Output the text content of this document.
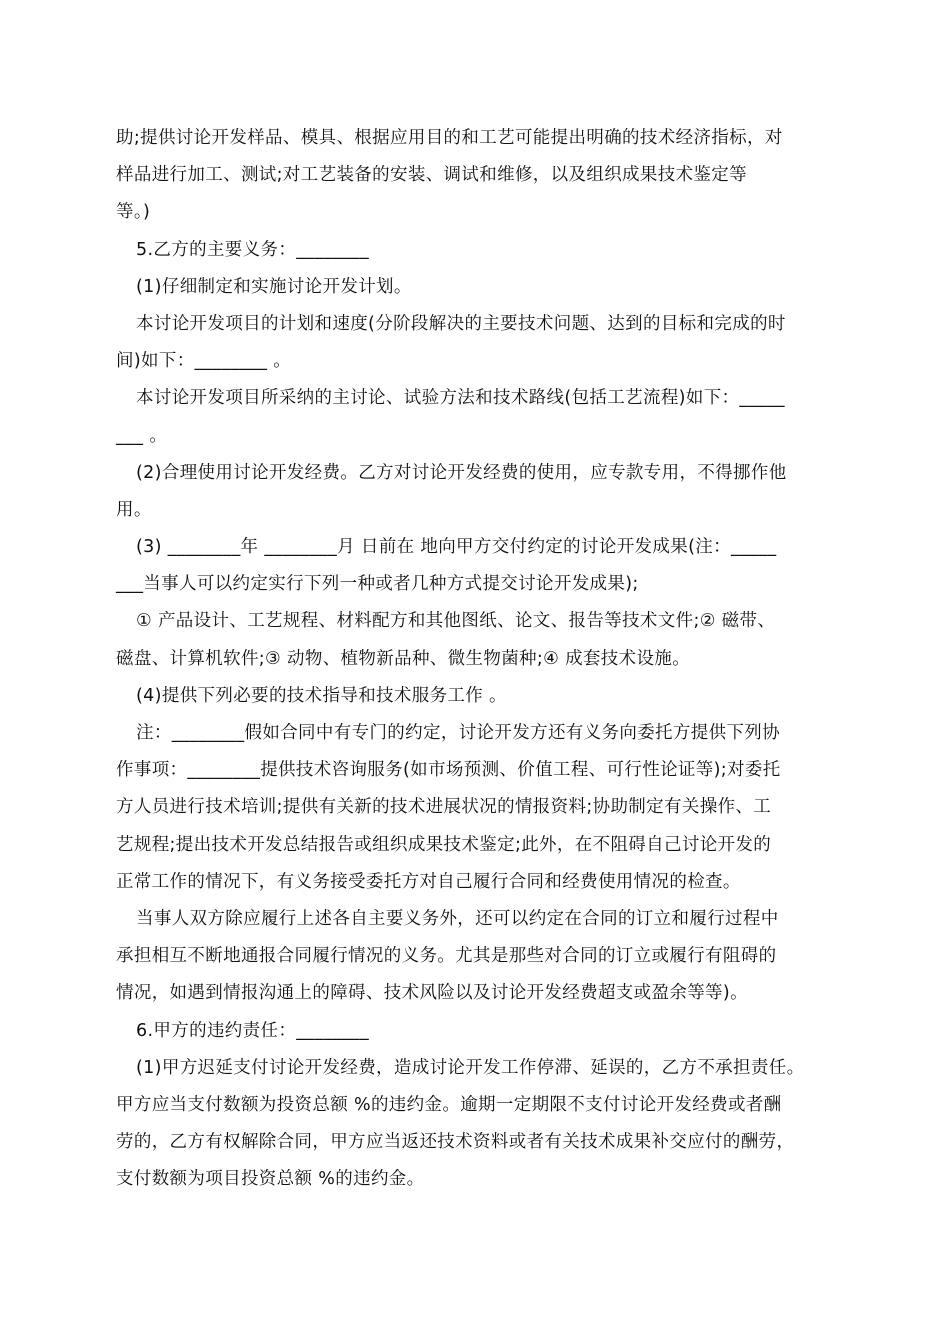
助;提供讨论开发样品、模具、根据应用目的和工艺可能提出明确的技术经济指标，对
样品进行加工、测试;对工艺装备的安装、调试和维修，以及组织成果技术鉴定等
等。)
5.乙方的主要义务：________
(1)仔细制定和实施讨论开发计划。
本讨论开发项目的计划和速度(分阶段解决的主要技术问题、达到的目标和完成的时
间)如下：________ 。
本讨论开发项目所采纳的主讨论、试验方法和技术路线(包括工艺流程)如下：_____
___ 。
(2)合理使用讨论开发经费。乙方对讨论开发经费的使用，应专款专用，不得挪作他
用。
(3) ________年 ________月 日前在 地向甲方交付约定的讨论开发成果(注：_____
___当事人可以约定实行下列一种或者几种方式提交讨论开发成果);
① 产品设计、工艺规程、材料配方和其他图纸、论文、报告等技术文件;② 磁带、
磁盘、计算机软件;③ 动物、植物新品种、微生物菌种;④ 成套技术设施。
(4)提供下列必要的技术指导和技术服务工作 。
注：________假如合同中有专门的约定，讨论开发方还有义务向委托方提供下列协
作事项：________提供技术咨询服务(如市场预测、价值工程、可行性论证等);对委托
方人员进行技术培训;提供有关新的技术进展状况的情报资料;协助制定有关操作、工
艺规程;提出技术开发总结报告或组织成果技术鉴定;此外，在不阻碍自己讨论开发的
正常工作的情况下，有义务接受委托方对自己履行合同和经费使用情况的检查。
当事人双方除应履行上述各自主要义务外，还可以约定在合同的订立和履行过程中
承担相互不断地通报合同履行情况的义务。尤其是那些对合同的订立或履行有阻碍的
情况，如遇到情报沟通上的障碍、技术风险以及讨论开发经费超支或盈余等等)。
6.甲方的违约责任：________
(1)甲方迟延支付讨论开发经费，造成讨论开发工作停滞、延误的，乙方不承担责任。
甲方应当支付数额为投资总额 %的违约金。逾期一定期限不支付讨论开发经费或者酬
劳的，乙方有权解除合同，甲方应当返还技术资料或者有关技术成果补交应付的酬劳，
支付数额为项目投资总额 %的违约金。
